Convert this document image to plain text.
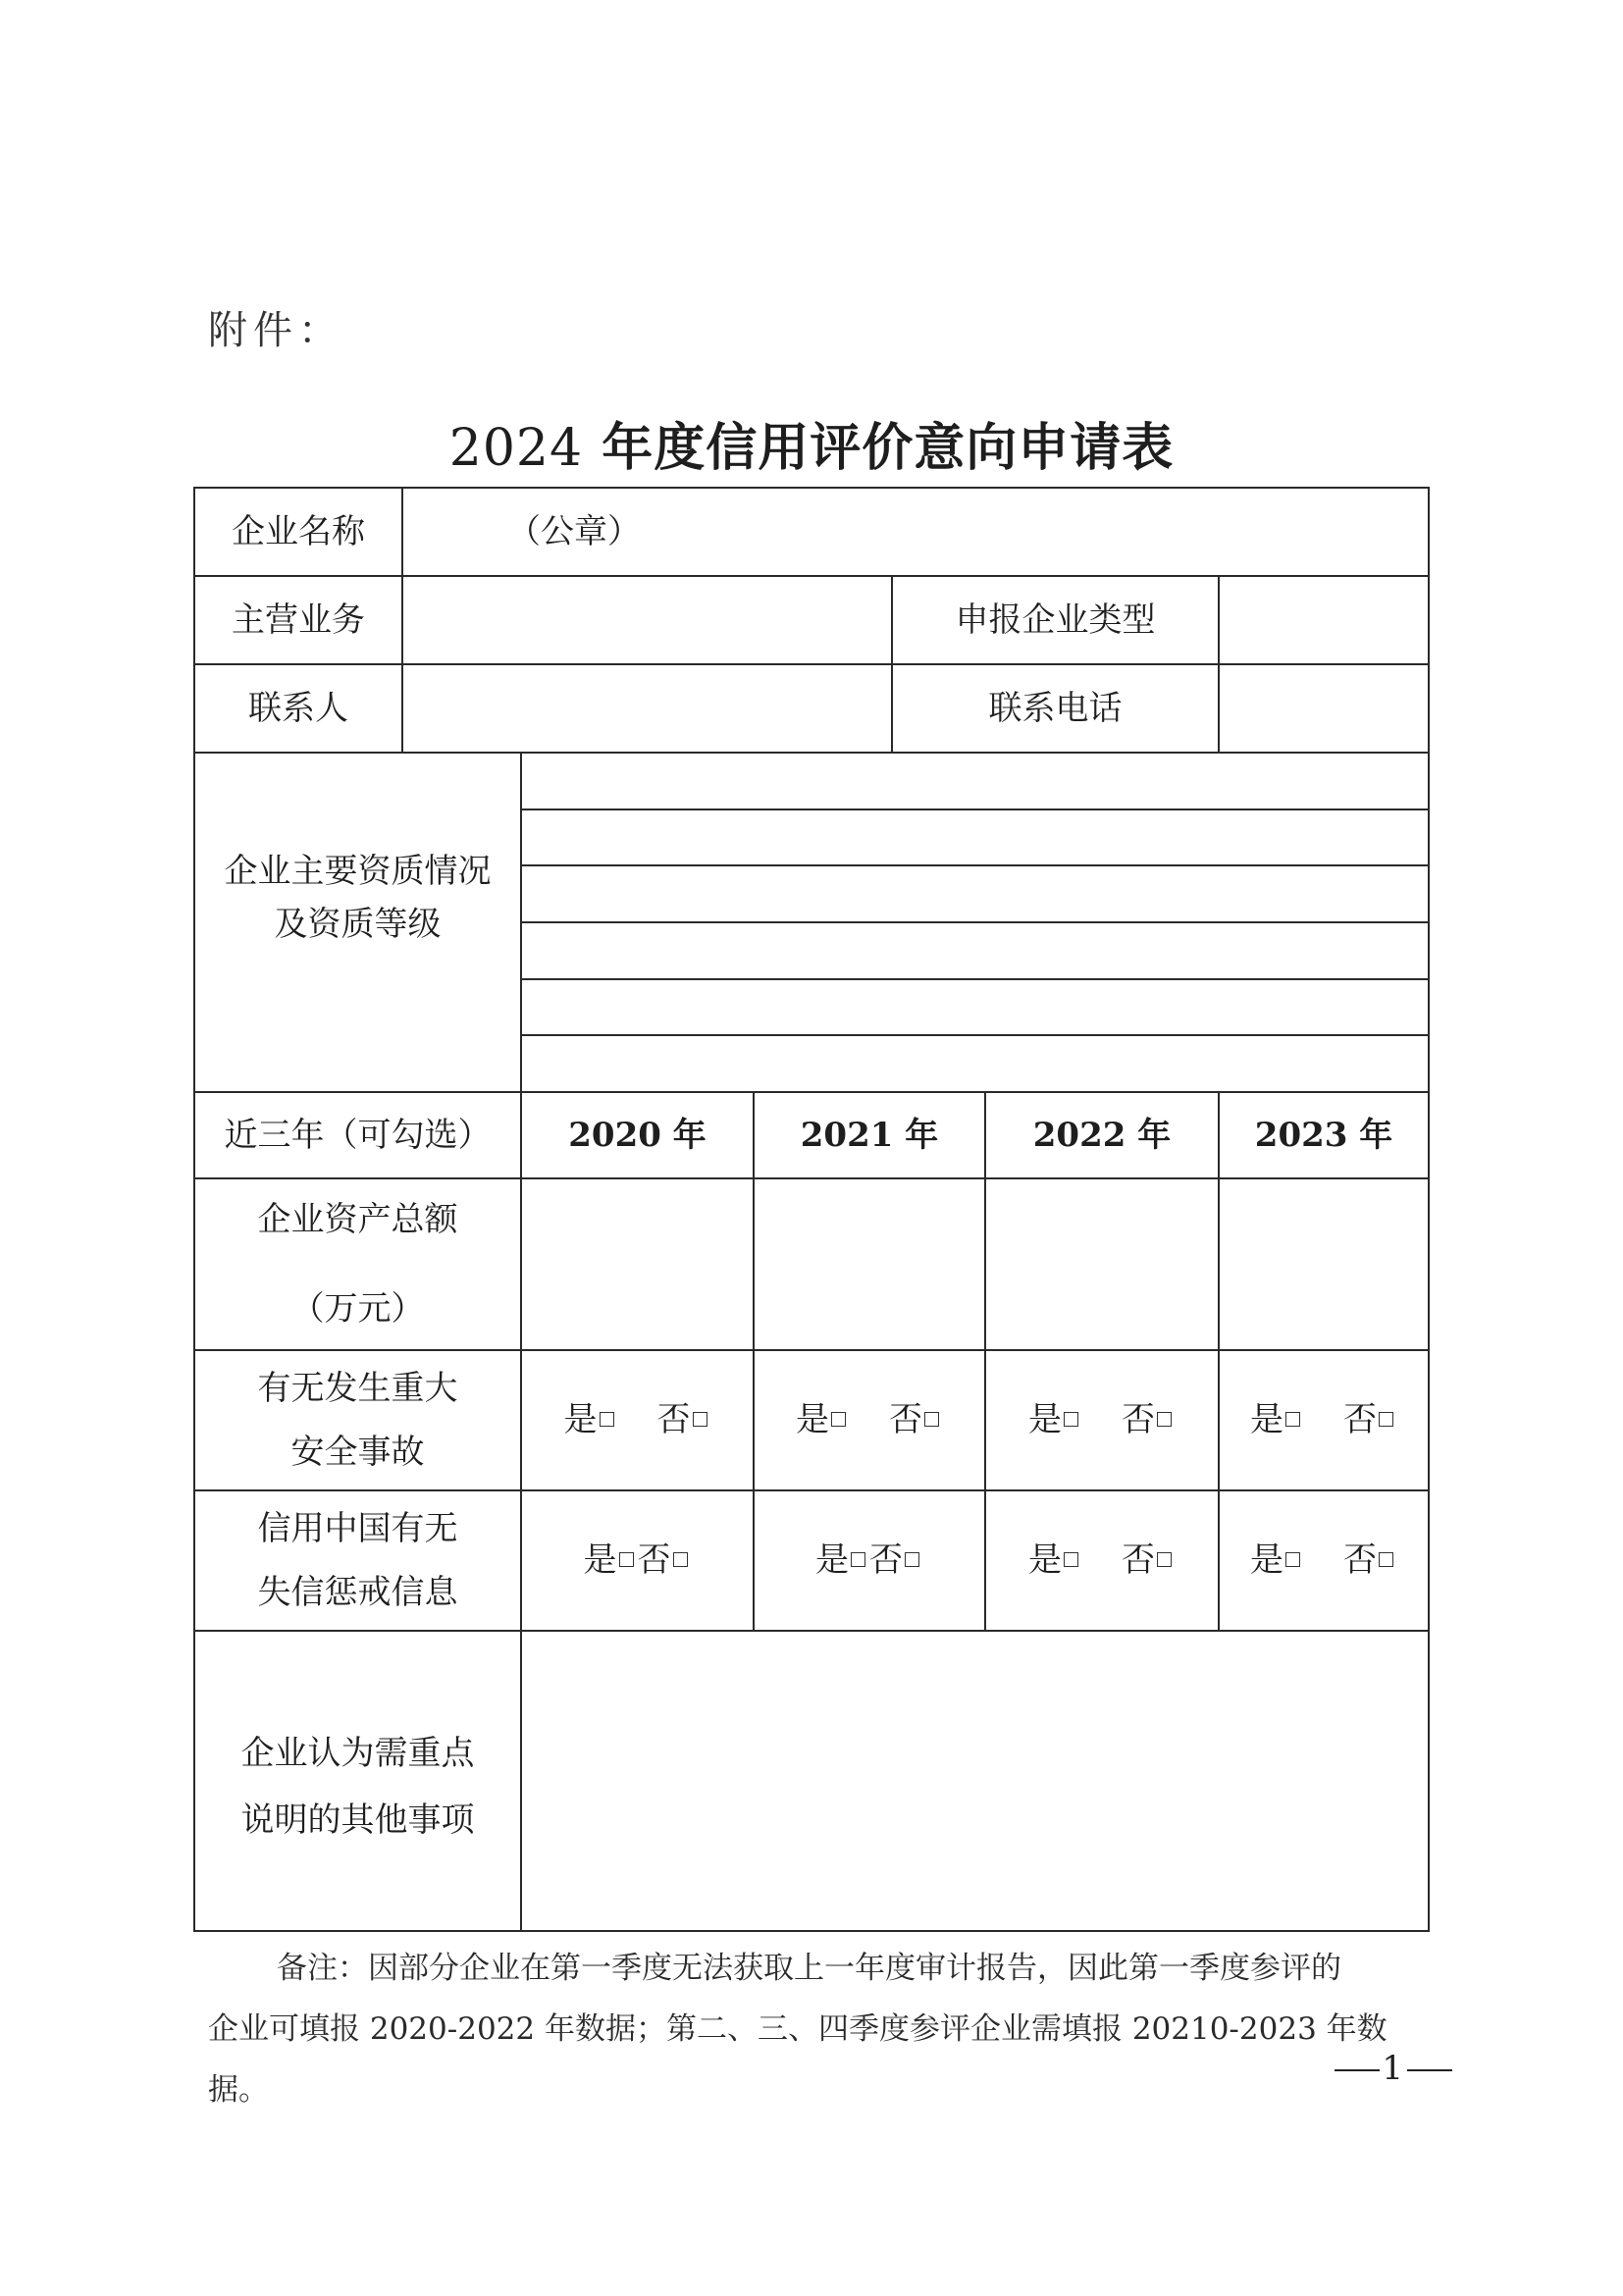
附件：
2024 年度信用评价意向申请表
企业名称	（公章）					
主营业务				申报企业类型		
联系人				联系电话		

企业主要资质情况
及资质等级						

近三年（可勾选）		2020 年	2021 年		2022 年	2023 年

企业资产总额
（万元）						

有无发生重大
安全事故		是 否	是 否		是 否	是 否

信用中国有无
失信惩戒信息		是 否	是 否		是 否	是 否

企业认为需重点
说明的其他事项						

备注：因部分企业在第一季度无法获取上一年度审计报告，因此第一季度参评的
企业可填报 2020-2022 年数据；第二、三、四季度参评企业需填报 20210-2023 年数据。
1
